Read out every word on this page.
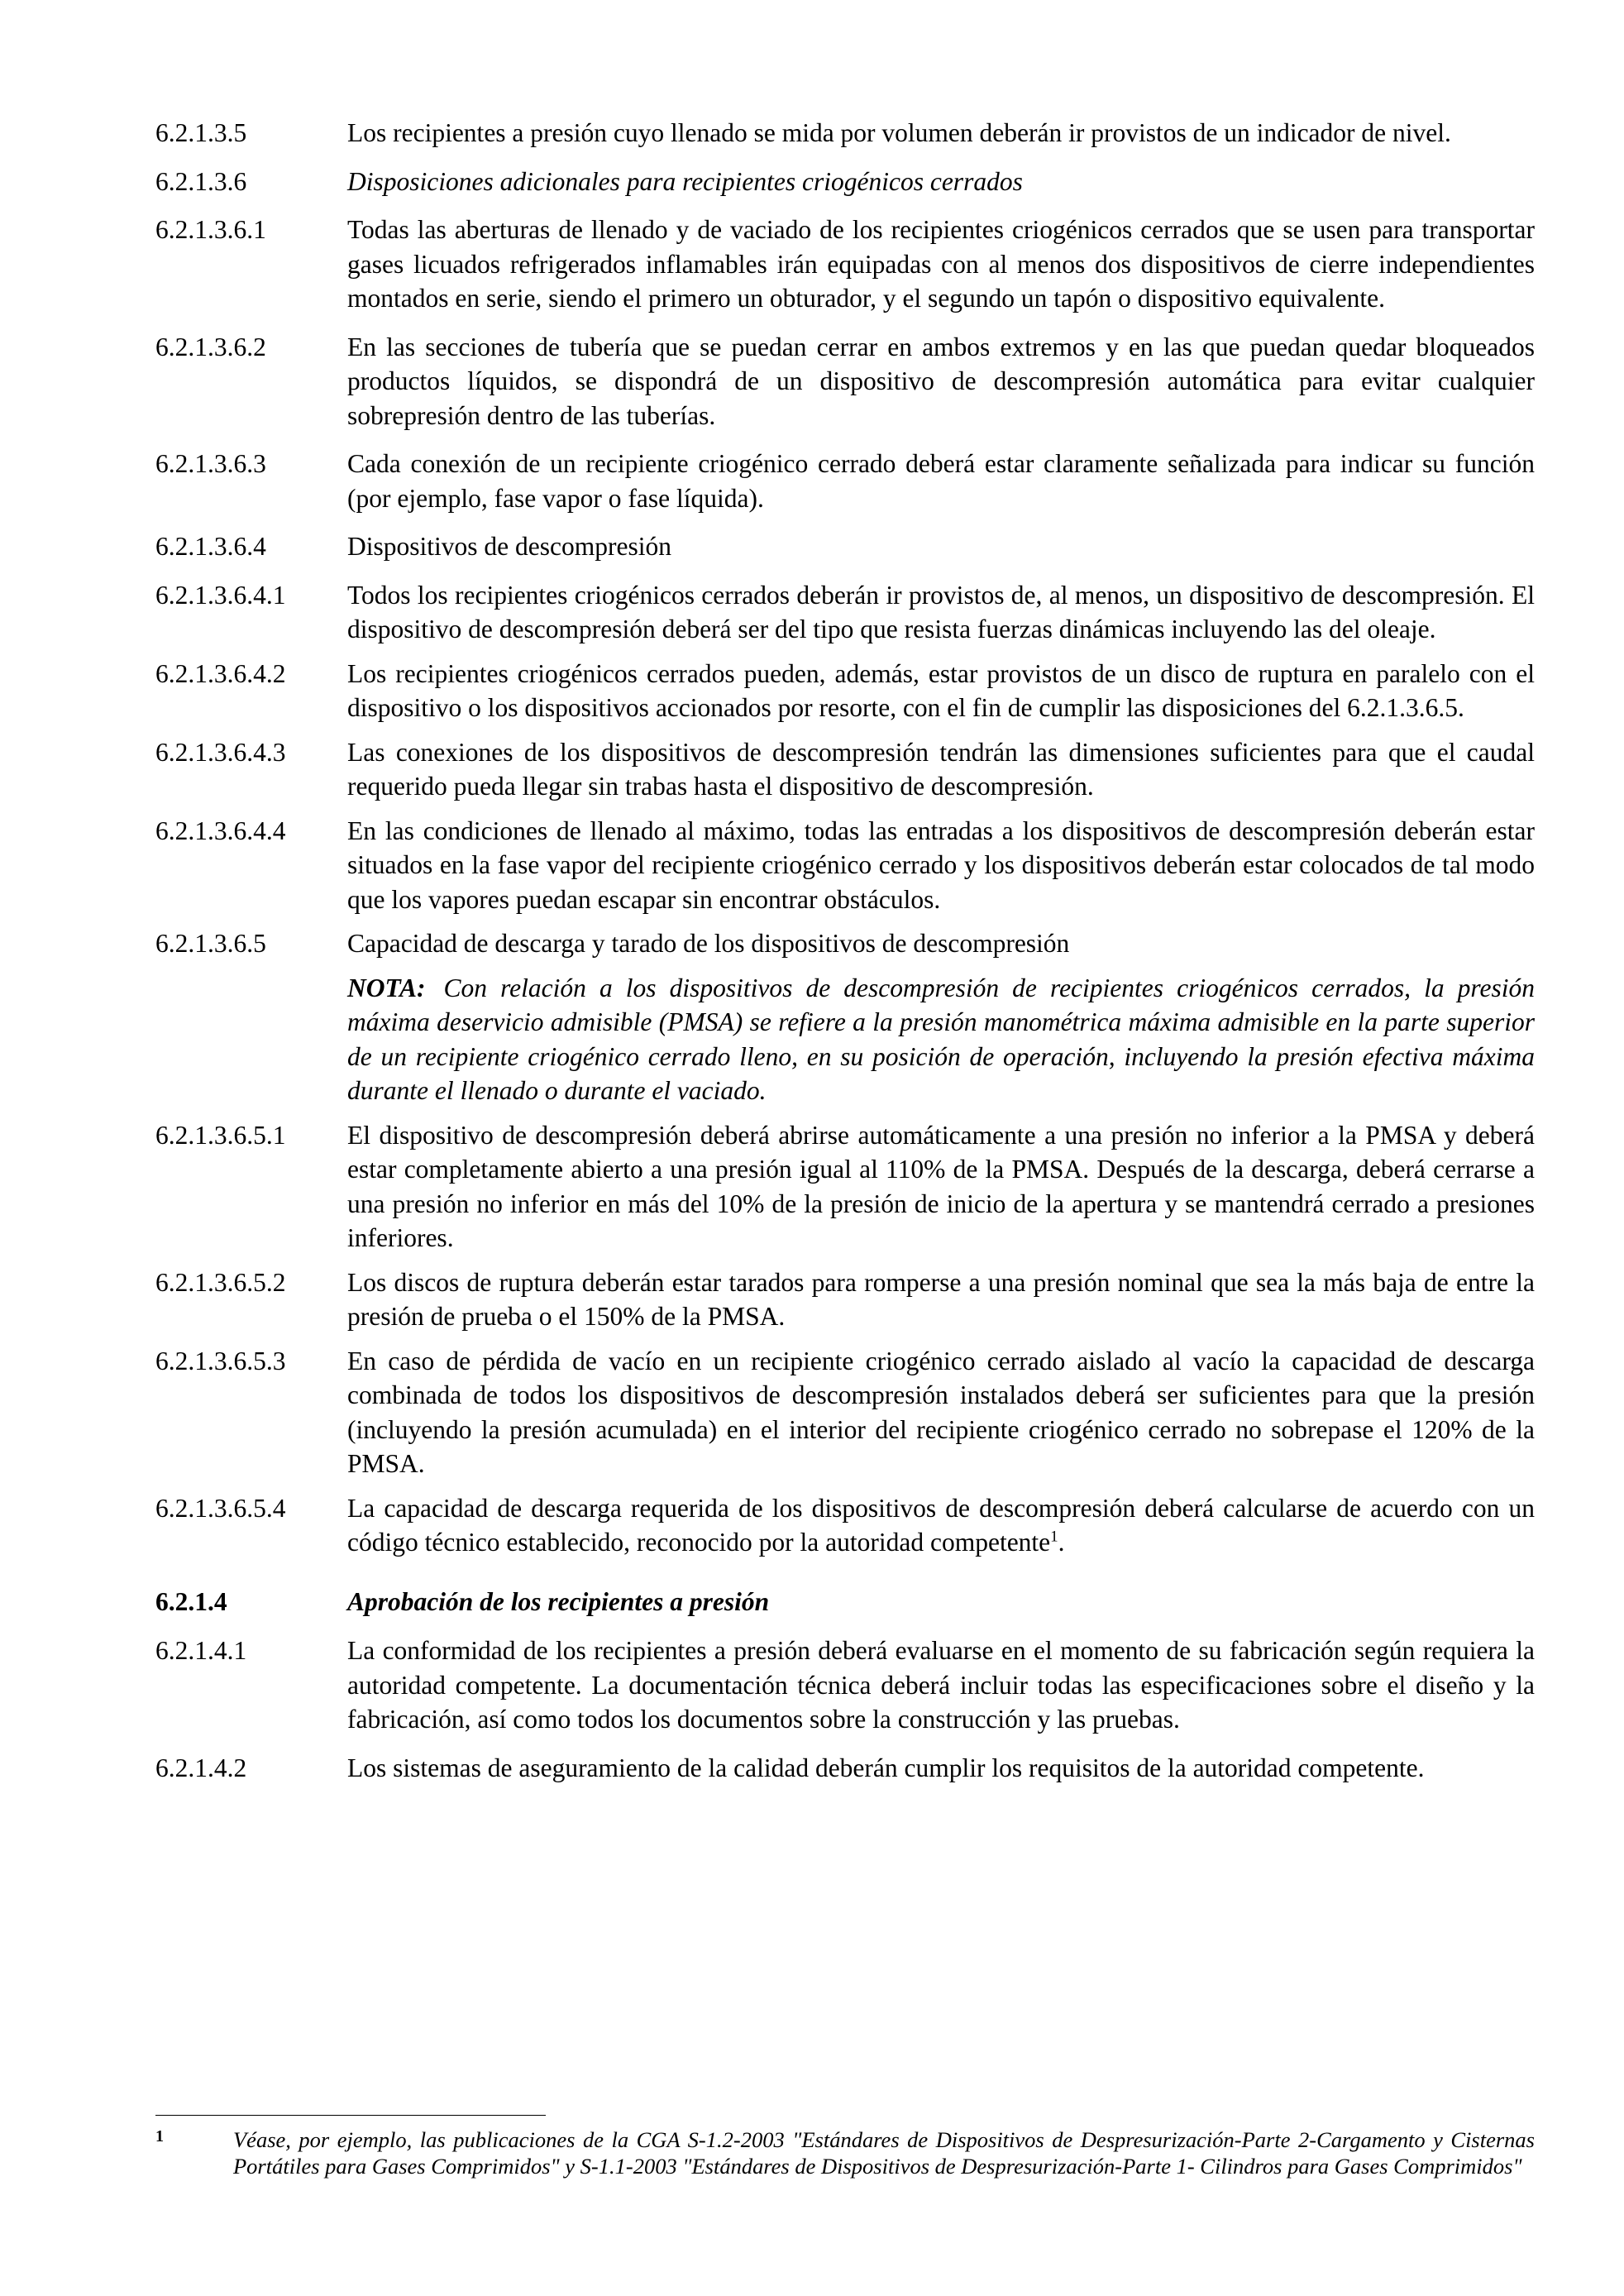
6.2.1.3.5	Los recipientes a presión cuyo llenado se mida por volumen deberán ir provistos de un indicador de nivel.
6.2.1.3.6	Disposiciones adicionales para recipientes criogénicos cerrados
6.2.1.3.6.1	Todas las aberturas de llenado y de vaciado de los recipientes criogénicos cerrados que se usen para transportar gases licuados refrigerados inflamables irán equipadas con al menos dos dispositivos de cierre independientes montados en serie, siendo el primero un obturador, y el segundo un tapón o dispositivo equivalente.
6.2.1.3.6.2	En las secciones de tubería que se puedan cerrar en ambos extremos y en las que puedan quedar bloqueados productos líquidos, se dispondrá de un dispositivo de descompresión automática para evitar cualquier sobrepresión dentro de las tuberías.
6.2.1.3.6.3	Cada conexión de un recipiente criogénico cerrado deberá estar claramente señalizada para indicar su función (por ejemplo, fase vapor o fase líquida).
6.2.1.3.6.4	Dispositivos de descompresión
6.2.1.3.6.4.1	Todos los recipientes criogénicos cerrados deberán ir provistos de, al menos, un dispositivo de descompresión. El dispositivo de descompresión deberá ser del tipo que resista fuerzas dinámicas incluyendo las del oleaje.
6.2.1.3.6.4.2	Los recipientes criogénicos cerrados pueden, además, estar provistos de un disco de ruptura en paralelo con el dispositivo o los dispositivos accionados por resorte, con el fin de cumplir las disposiciones del 6.2.1.3.6.5.
6.2.1.3.6.4.3	Las conexiones de los dispositivos de descompresión tendrán las dimensiones suficientes para que el caudal requerido pueda llegar sin trabas hasta el dispositivo de descompresión.
6.2.1.3.6.4.4	En las condiciones de llenado al máximo, todas las entradas a los dispositivos de descompresión deberán estar situados en la fase vapor del recipiente criogénico cerrado y los dispositivos deberán estar colocados de tal modo que los vapores puedan escapar sin encontrar obstáculos.
6.2.1.3.6.5	Capacidad de descarga y tarado de los dispositivos de descompresión
NOTA: Con relación a los dispositivos de descompresión de recipientes criogénicos cerrados, la presión máxima deservicio admisible (PMSA) se refiere a la presión manométrica máxima admisible en la parte superior de un recipiente criogénico cerrado lleno, en su posición de operación, incluyendo la presión efectiva máxima durante el llenado o durante el vaciado.
6.2.1.3.6.5.1	El dispositivo de descompresión deberá abrirse automáticamente a una presión no inferior a la PMSA y deberá estar completamente abierto a una presión igual al 110% de la PMSA. Después de la descarga, deberá cerrarse a una presión no inferior en más del 10% de la presión de inicio de la apertura y se mantendrá cerrado a presiones inferiores.
6.2.1.3.6.5.2	Los discos de ruptura deberán estar tarados para romperse a una presión nominal que sea la más baja de entre la presión de prueba o el 150% de la PMSA.
6.2.1.3.6.5.3	En caso de pérdida de vacío en un recipiente criogénico cerrado aislado al vacío la capacidad de descarga combinada de todos los dispositivos de descompresión instalados deberá ser suficientes para que la presión (incluyendo la presión acumulada) en el interior del recipiente criogénico cerrado no sobrepase el 120% de la PMSA.
6.2.1.3.6.5.4	La capacidad de descarga requerida de los dispositivos de descompresión deberá calcularse de acuerdo con un código técnico establecido, reconocido por la autoridad competente$^1$.
6.2.1.4	Aprobación de los recipientes a presión
6.2.1.4.1	La conformidad de los recipientes a presión deberá evaluarse en el momento de su fabricación según requiera la autoridad competente. La documentación técnica deberá incluir todas las especificaciones sobre el diseño y la fabricación, así como todos los documentos sobre la construcción y las pruebas.
6.2.1.4.2	Los sistemas de aseguramiento de la calidad deberán cumplir los requisitos de la autoridad competente.
1	Véase, por ejemplo, las publicaciones de la CGA S-1.2-2003 "Estándares de Dispositivos de Despresurización-Parte 2-Cargamento y Cisternas Portátiles para Gases Comprimidos" y S-1.1-2003 "Estándares de Dispositivos de Despresurización-Parte 1- Cilindros para Gases Comprimidos"
